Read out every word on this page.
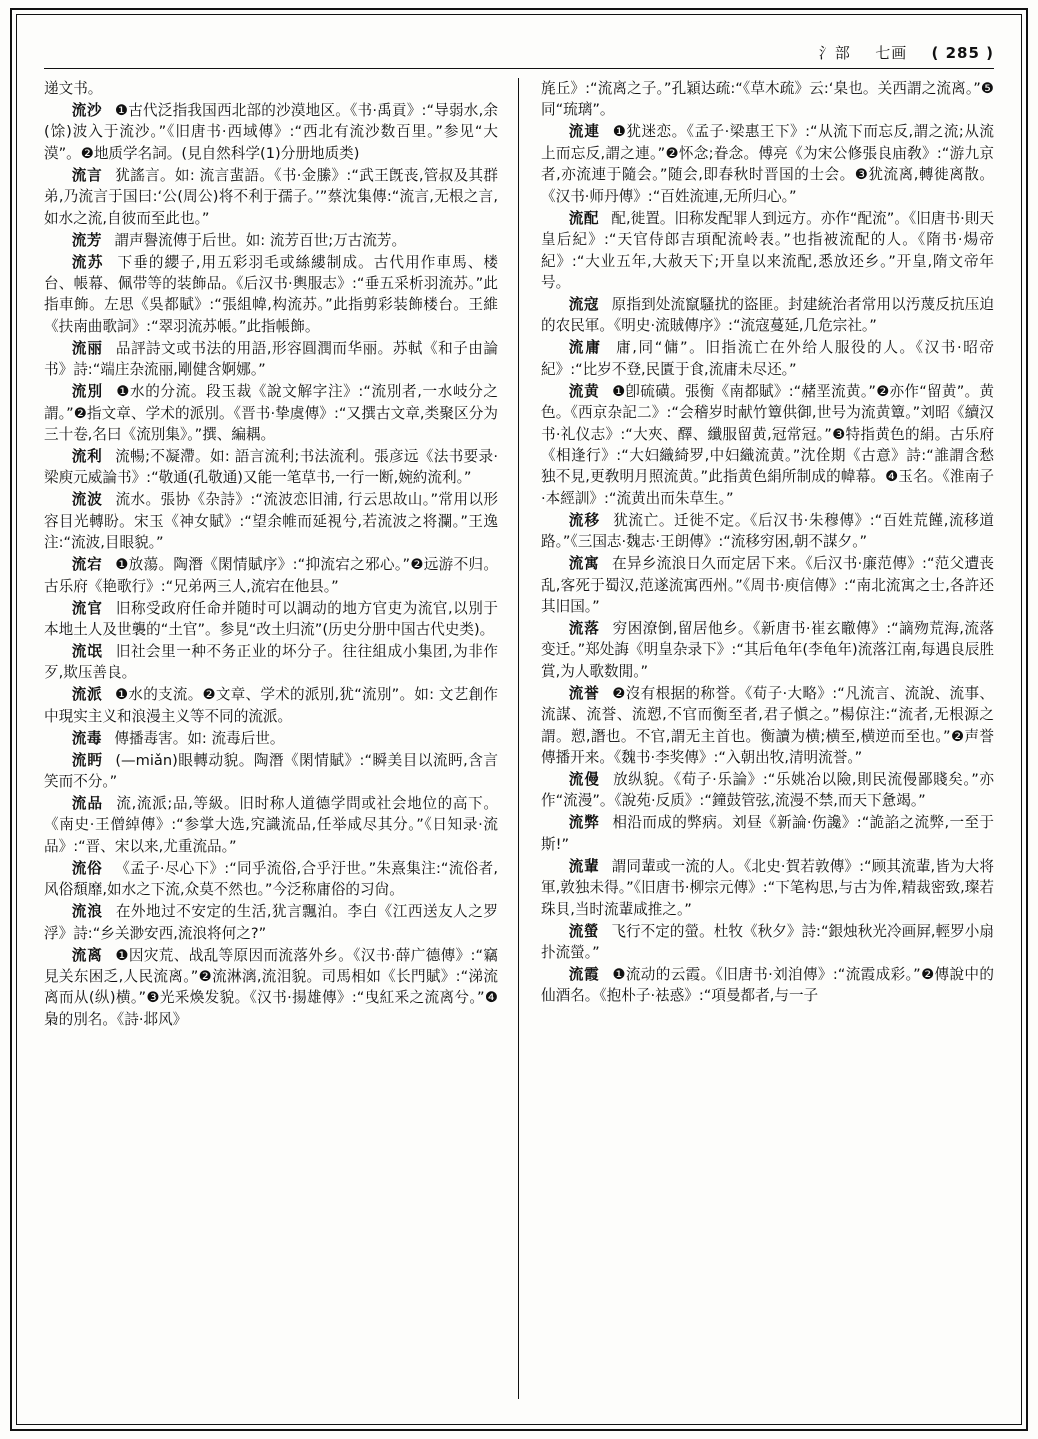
氵部 七画 ( 285 )

递文书。

流沙 ❶古代泛指我国西北部的沙漠地区。《书·禹貢》:“导弱水,余(馀)波入于流沙。”《旧唐书·西域傳》:“西北有流沙数百里。”参见“大漠”。❷地质学名詞。(見自然科学(1)分册地质类)

流言 犹謠言。如: 流言蜚語。《书·金縢》:“武王旣丧,管叔及其群弟,乃流言于国曰:‘公(周公)将不利于孺子。’”蔡沈集傳:“流言,无根之言,如水之流,自彼而至此也。”

流芳 謂声譽流傳于后世。如: 流芳百世;万古流芳。

流苏 下垂的纓子,用五彩羽毛或絲縷制成。古代用作車馬、楼台、帳幕、佩带等的装飾品。《后汉书·輿服志》:“垂五采析羽流苏。”此指車飾。左思《吳都賦》:“張組幃,构流苏。”此指剪彩装飾楼台。王維《扶南曲歌詞》:“翠羽流苏帳。”此指帳飾。

流丽 品評詩文或书法的用語,形容圓潤而华丽。苏軾《和子由論书》詩:“端庄杂流丽,剛健含婀娜。”

流別 ❶水的分流。段玉裁《說文解字注》:“流別者,一水岐分之謂。”❷指文章、学术的派別。《晋书·挚虞傳》:“又撰古文章,类聚区分为三十卷,名曰《流別集》。”撰、編耦。

流利 流暢;不凝滯。如: 語言流利;书法流利。張彦远《法书要录·梁庾元威論书》:“敬通(孔敬通)又能一笔草书,一行一断,婉約流利。”

流波 流水。張协《杂詩》:“流波恋旧浦, 行云思故山。”常用以形容目光轉盼。宋玉《神女賦》:“望余帷而延視兮,若流波之将瀾。”王逸注:“流波,目眼貌。”

流宕 ❶放蕩。陶潛《閑情賦序》:“抑流宕之邪心。”❷远游不归。古乐府《艳歌行》:“兄弟两三人,流宕在他县。”

流官 旧称受政府任命并随时可以調动的地方官吏为流官,以別于本地土人及世襲的“土官”。参見“改土归流”(历史分册中国古代史类)。

流氓 旧社会里一种不务正业的坏分子。往往組成小集团,为非作歹,欺压善良。

流派 ❶水的支流。❷文章、学术的派別,犹“流別”。如: 文艺創作中現实主义和浪漫主义等不同的流派。

流毒 傳播毒害。如: 流毒后世。

流眄 (—miǎn)眼轉动貌。陶潛《閑情賦》:“瞬美目以流眄,含言笑而不分。”

流品 流,流派;品,等級。旧时称人道德学問或社会地位的高下。《南史·王僧綽傳》:“参掌大选,究識流品,任举咸尽其分。”《日知录·流品》:“晋、宋以来,尤重流品。”

流俗 《孟子·尽心下》:“同乎流俗,合乎汙世。”朱熹集注:“流俗者,风俗頹靡,如水之下流,众莫不然也。”今泛称庸俗的习尙。

流浪 在外地过不安定的生活,犹言飄泊。李白《江西送友人之罗浮》詩:“乡关渺安西,流浪将何之?”

流离 ❶因灾荒、战乱等原因而流落外乡。《汉书·薛广德傳》:“竊見关东困乏,人民流离。”❷流淋漓,流泪貌。司馬相如《长門賦》:“涕流离而从(纵)横。”❸光釆煥发貌。《汉书·揚雄傳》:“曳紅釆之流离兮。”❹梟的別名。《詩·邶风》

旄丘》:“流离之子。”孔穎达疏:“《草木疏》云:‘臬也。关西謂之流离。”❺同“琉璃”。

流連 ❶犹迷恋。《孟子·梁惠王下》:“从流下而忘反,謂之流;从流上而忘反,謂之連。”❷怀念;眷念。傅亮《为宋公修張良庙敎》:“游九京者,亦流連于隨会。”随会,即春秋时晋国的士会。❸犹流离,轉徙离散。《汉书·师丹傳》:“百姓流連,无所归心。”

流配 配,徙置。旧称发配罪人到远方。亦作“配流”。《旧唐书·則天皇后紀》:“天官侍郎吉頊配流岭表。”也指被流配的人。《隋书·煬帝紀》:“大业五年,大赦天下;开皇以来流配,悉放还乡。”开皇,隋文帝年号。

流寇 原指到处流竄騷扰的盜匪。封建統治者常用以汚蔑反抗压迫的农民軍。《明史·流賊傳序》:“流寇蔓延,几危宗社。”

流庸 庸,同“傭”。旧指流亡在外给人服役的人。《汉书·昭帝紀》:“比岁不登,民匱于食,流庸未尽还。”

流黄 ❶卽硫磺。張衡《南都賦》:“赭垩流黄。”❷亦作“留黄”。黄色。《西京杂記二》:“会稽岁时献竹簟供御,世号为流黄簟。”刘昭《續汉书·礼仪志》:“大夾、醳、纖服留黄,冠常冠。”❸特指黄色的絹。古乐府《相逢行》:“大妇織綺罗,中妇織流黄。”沈佺期《古意》詩:“誰謂含愁独不見,更敎明月照流黄。”此指黄色絹所制成的幃幕。❹玉名。《淮南子·本經訓》:“流黄出而朱草生。”

流移 犹流亡。迁徙不定。《后汉书·朱穆傳》:“百姓荒饉,流移道路。”《三国志·魏志·王朗傳》:“流移穷困,朝不謀夕。”

流寓 在异乡流浪日久而定居下来。《后汉书·廉范傳》:“范父遭丧乱,客死于蜀汉,范遂流寓西州。”《周书·庾信傳》:“南北流寓之士,各許还其旧国。”

流落 穷困潦倒,留居他乡。《新唐书·崔玄瞮傳》:“謫歾荒海,流落变迁。”郑处誨《明皇杂录下》:“其后龟年(李龟年)流落江南,每遇良辰胜賞,为人歌数閒。”

流誉 ❷沒有根据的称誉。《荀子·大略》:“凡流言、流說、流事、流謀、流誉、流愬,不官而衡至者,君子愼之。”楊倞注:“流者,无根源之謂。愬,譖也。不官,謂无主首也。衡讀为横;横至,横逆而至也。”❷声誉傳播开来。《魏书·李奖傳》:“入朝出牧,清明流誉。”

流僈 放纵貌。《荀子·乐論》:“乐姚冶以險,則民流僈鄙賤矣。”亦作“流漫”。《說苑·反质》:“鐘鼓管弦,流漫不禁,而天下惫竭。”

流弊 相沿而成的弊病。刘昼《新論·伤讒》:“詭諂之流弊,一至于斯!”

流輩 謂同輩或一流的人。《北史·賀若敦傳》:“顾其流輩,皆为大将軍,敦独未得。”《旧唐书·柳宗元傳》:“下笔构思,与古为侔,精裁密致,璨若珠貝,当时流輩咸推之。”

流螢 飞行不定的螢。杜牧《秋夕》詩:“銀烛秋光冷画屛,輕罗小扇扑流螢。”

流霞 ❶流动的云霞。《旧唐书·刘洎傳》:“流霞成彩。”❷傳說中的仙酒名。《抱朴子·袪惑》:“項曼都者,与一子
